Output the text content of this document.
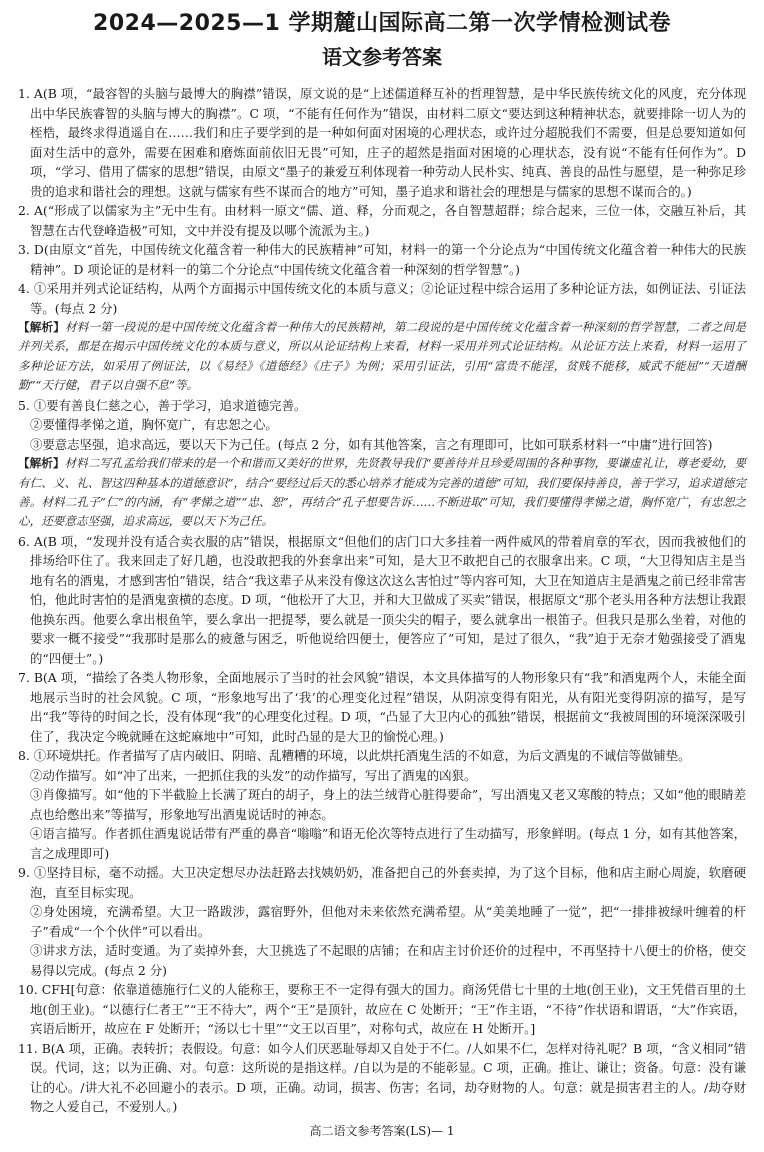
2024—2025—1 学期麓山国际高二第一次学情检测试卷
语文参考答案

1. A(B 项，“最容智的头脑与最博大的胸襟”错误，原文说的是“上述儒道释互补的哲理智慧，是中华民族传统文化的风度，充分体现出中华民族睿智的头脑与博大的胸襟”。C 项，“不能有任何作为”错误，由材料二原文“要达到这种精神状态，就要排除一切人为的桎梏，最终求得逍遥自在……我们和庄子要学到的是一种如何面对困境的心理状态，或许过分超脱我们不需要，但是总要知道如何面对生活中的意外，需要在困难和磨炼面前依旧无畏”可知，庄子的超然是指面对困境的心理状态，没有说“不能有任何作为”。D 项，“学习、借用了儒家的思想”错误，由原文“墨子的兼爱互利体现着一种劳动人民朴实、纯真、善良的品性与愿望，是一种弥足珍贵的追求和谐社会的理想。这就与儒家有些不谋而合的地方”可知，墨子追求和谐社会的理想是与儒家的思想不谋而合的。)

2. A(“形成了以儒家为主”无中生有。由材料一原文“儒、道、释，分而观之，各自智慧超群；综合起来，三位一体，交融互补后，其智慧在古代登峰造极”可知，文中并没有提及以哪个流派为主。)

3. D(由原文“首先，中国传统文化蕴含着一种伟大的民族精神”可知，材料一的第一个分论点为“中国传统文化蕴含着一种伟大的民族精神”。D 项论证的是材料一的第二个分论点“中国传统文化蕴含着一种深刻的哲学智慧”。)

4. ①采用并列式论证结构，从两个方面揭示中国传统文化的本质与意义；②论证过程中综合运用了多种论证方法，如例证法、引证法等。(每点 2 分)

【解析】材料一第一段说的是中国传统文化蕴含着一种伟大的民族精神，第二段说的是中国传统文化蕴含着一种深刻的哲学智慧，二者之间是并列关系，都是在揭示中国传统文化的本质与意义，所以从论证结构上来看，材料一采用并列式论证结构。从论证方法上来看，材料一运用了多种论证方法，如采用了例证法，以《易经》《道德经》《庄子》为例；采用引证法，引用“富贵不能淫，贫贱不能移，威武不能屈”“天道酬勤”“天行健，君子以自强不息”等。

5. ①要有善良仁慈之心，善于学习，追求道德完善。

②要懂得孝悌之道，胸怀宽广，有忠恕之心。

③要意志坚强，追求高远，要以天下为己任。(每点 2 分，如有其他答案，言之有理即可，比如可联系材料一“中庸”进行回答)

【解析】材料二写孔孟给我们带来的是一个和谐而又美好的世界，先贤教导我们“要善待并且珍爱周围的各种事物，要谦虚礼让，尊老爱幼，要有仁、义、礼、智这四种基本的道德意识”，结合“要经过后天的悉心培养才能成为完善的道德”可知，我们要保持善良，善于学习，追求道德完善。材料二孔子“仁”的内涵，有“孝悌之道”“忠、恕”，再结合“孔子想要告诉……不断进取”可知，我们要懂得孝悌之道，胸怀宽广，有忠恕之心，还要意志坚强，追求高远，要以天下为己任。

6. A(B 项，“发现并没有适合卖衣服的店”错误，根据原文“但他们的店门口大多挂着一两件威风的带着肩章的军衣，因而我被他们的排场给吓住了。我来回走了好几趟，也没敢把我的外套拿出来”可知，是大卫不敢把自己的衣服拿出来。C 项，“大卫得知店主是当地有名的酒鬼，才感到害怕”错误，结合“我这辈子从来没有像这次这么害怕过”等内容可知，大卫在知道店主是酒鬼之前已经非常害怕，他此时害怕的是酒鬼蛮横的态度。D 项，“他松开了大卫，并和大卫做成了买卖”错误，根据原文“那个老头用各种方法想让我跟他换东西。他要么拿出根鱼竿，要么拿出一把提琴，要么就是一顶尖尖的帽子，要么就拿出一根笛子。但我只是那么坐着，对他的要求一概不接受”“我那时是那么的疲惫与困乏，听他说给四便士，便答应了”可知，是过了很久，“我”迫于无奈才勉强接受了酒鬼的“四便士”。)

7. B(A 项，“描绘了各类人物形象，全面地展示了当时的社会风貌”错误，本文具体描写的人物形象只有“我”和酒鬼两个人，未能全面地展示当时的社会风貌。C 项，“形象地写出了‘我’的心理变化过程”错误，从阴凉变得有阳光，从有阳光变得阴凉的描写，是写出“我”等待的时间之长，没有体现“我”的心理变化过程。D 项，“凸显了大卫内心的孤独”错误，根据前文“我被周围的环境深深吸引住了，我决定今晚就睡在这蛇麻地中”可知，此时凸显的是大卫的愉悦心理。)

8. ①环境烘托。作者描写了店内破旧、阴暗、乱糟糟的环境，以此烘托酒鬼生活的不如意，为后文酒鬼的不诚信等做铺垫。

②动作描写。如“冲了出来，一把抓住我的头发”的动作描写，写出了酒鬼的凶狠。

③肖像描写。如“他的下半截脸上长满了斑白的胡子，身上的法兰绒背心脏得要命”，写出酒鬼又老又寒酸的特点；又如“他的眼睛差点也给憋出来”等描写，形象地写出酒鬼说话时的神态。

④语言描写。作者抓住酒鬼说话带有严重的鼻音“嗡嗡”和语无伦次等特点进行了生动描写，形象鲜明。(每点 1 分，如有其他答案，言之成理即可)

9. ①坚持目标，毫不动摇。大卫决定想尽办法赶路去找姨奶奶，准备把自己的外套卖掉，为了这个目标，他和店主耐心周旋，软磨硬泡，直至目标实现。

②身处困境，充满希望。大卫一路跋涉，露宿野外，但他对未来依然充满希望。从“美美地睡了一觉”，把“一排排被绿叶缠着的杆子”看成“一个个伙伴”可以看出。

③讲求方法，适时变通。为了卖掉外套，大卫挑选了不起眼的店铺；在和店主讨价还价的过程中，不再坚持十八便士的价格，使交易得以完成。(每点 2 分)

10. CFH[句意：依靠道德施行仁义的人能称王，要称王不一定得有强大的国力。商汤凭借七十里的土地(创王业)，文王凭借百里的土地(创王业)。“以德行仁者王”“王不待大”，两个“王”是顶针，故应在 C 处断开；“王”作主语，“不待”作状语和谓语，“大”作宾语，宾语后断开，故应在 F 处断开；“汤以七十里”“文王以百里”，对称句式，故应在 H 处断开。]

11. B(A 项，正确。表转折；表假设。句意：如今人们厌恶耻辱却又自处于不仁。/人如果不仁，怎样对待礼呢？B 项，“含义相同”错误。代词，这；以为正确、对。句意：这所说的是指这样。/自以为是的不能彰显。C 项，正确。推让、谦让；资备。句意：没有谦让的心。/讲大礼不必回避小的表示。D 项，正确。动词，损害、伤害；名词，劫夺财物的人。句意：就是损害君主的人。/劫夺财物之人爱自己，不爱别人。)

高二语文参考答案(LS)— 1
